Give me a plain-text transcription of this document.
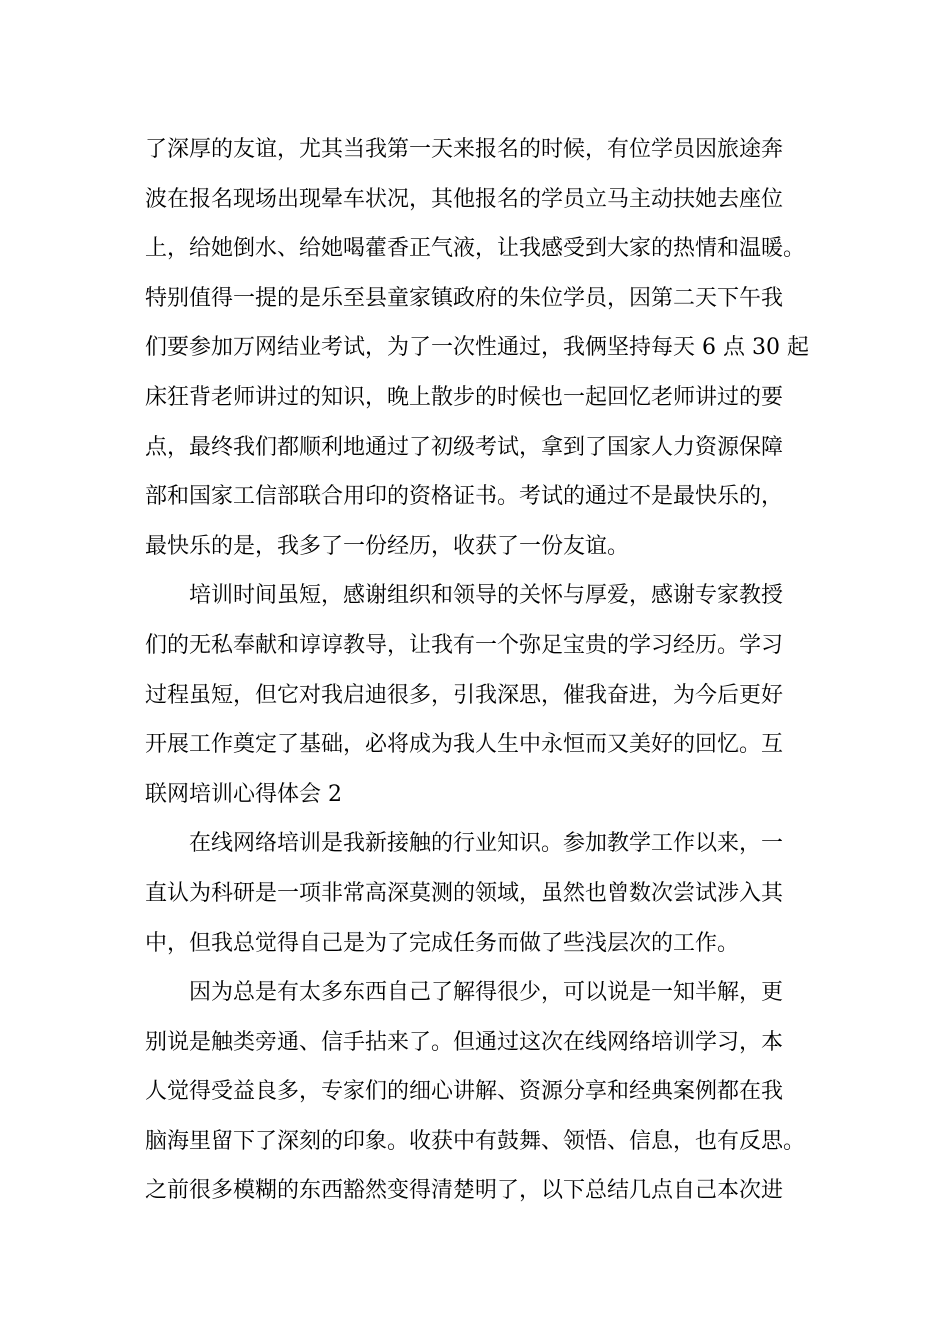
了深厚的友谊，尤其当我第一天来报名的时候，有位学员因旅途奔
波在报名现场出现晕车状况，其他报名的学员立马主动扶她去座位
上，给她倒水、给她喝藿香正气液，让我感受到大家的热情和温暖。
特别值得一提的是乐至县童家镇政府的朱位学员，因第二天下午我
们要参加万网结业考试，为了一次性通过，我俩坚持每天 6 点 30 起
床狂背老师讲过的知识，晚上散步的时候也一起回忆老师讲过的要
点，最终我们都顺利地通过了初级考试，拿到了国家人力资源保障
部和国家工信部联合用印的资格证书。考试的通过不是最快乐的，
最快乐的是，我多了一份经历，收获了一份友谊。
培训时间虽短，感谢组织和领导的关怀与厚爱，感谢专家教授
们的无私奉献和谆谆教导，让我有一个弥足宝贵的学习经历。学习
过程虽短，但它对我启迪很多，引我深思，催我奋进，为今后更好
开展工作奠定了基础，必将成为我人生中永恒而又美好的回忆。互
联网培训心得体会 2
在线网络培训是我新接触的行业知识。参加教学工作以来，一
直认为科研是一项非常高深莫测的领域，虽然也曾数次尝试涉入其
中，但我总觉得自己是为了完成任务而做了些浅层次的工作。
因为总是有太多东西自己了解得很少，可以说是一知半解，更
别说是触类旁通、信手拈来了。但通过这次在线网络培训学习，本
人觉得受益良多，专家们的细心讲解、资源分享和经典案例都在我
脑海里留下了深刻的印象。收获中有鼓舞、领悟、信息，也有反思。
之前很多模糊的东西豁然变得清楚明了，以下总结几点自己本次进
